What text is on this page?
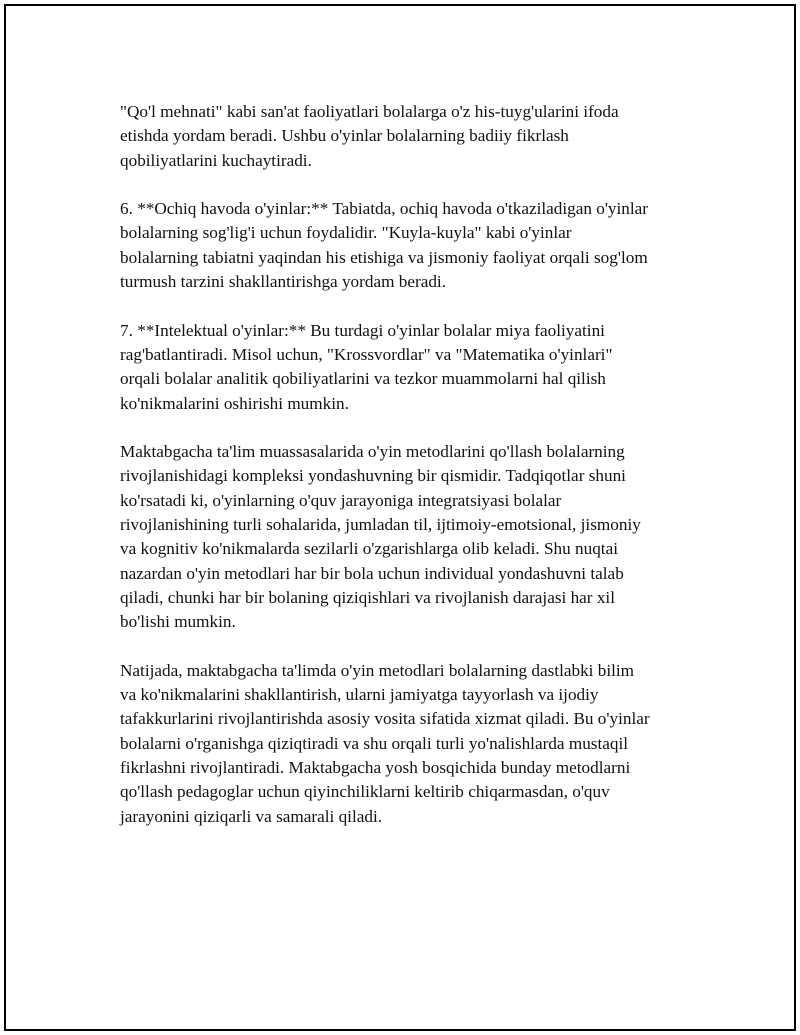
"Qo'l mehnati" kabi san'at faoliyatlari bolalarga o'z his-tuyg'ularini ifoda
etishda yordam beradi. Ushbu o'yinlar bolalarning badiiy fikrlash
qobiliyatlarini kuchaytiradi.

6. **Ochiq havoda o'yinlar:** Tabiatda, ochiq havoda o'tkaziladigan o'yinlar
bolalarning sog'lig'i uchun foydalidir. "Kuyla-kuyla" kabi o'yinlar
bolalarning tabiatni yaqindan his etishiga va jismoniy faoliyat orqali sog'lom
turmush tarzini shakllantirishga yordam beradi.

7. **Intelektual o'yinlar:** Bu turdagi o'yinlar bolalar miya faoliyatini
rag'batlantiradi. Misol uchun, "Krossvordlar" va "Matematika o'yinlari"
orqali bolalar analitik qobiliyatlarini va tezkor muammolarni hal qilish
ko'nikmalarini oshirishi mumkin.

Maktabgacha ta'lim muassasalarida o'yin metodlarini qo'llash bolalarning
rivojlanishidagi kompleksi yondashuvning bir qismidir. Tadqiqotlar shuni
ko'rsatadi ki, o'yinlarning o'quv jarayoniga integratsiyasi bolalar
rivojlanishining turli sohalarida, jumladan til, ijtimoiy-emotsional, jismoniy
va kognitiv ko'nikmalarda sezilarli o'zgarishlarga olib keladi. Shu nuqtai
nazardan o'yin metodlari har bir bola uchun individual yondashuvni talab
qiladi, chunki har bir bolaning qiziqishlari va rivojlanish darajasi har xil
bo'lishi mumkin.

Natijada, maktabgacha ta'limda o'yin metodlari bolalarning dastlabki bilim
va ko'nikmalarini shakllantirish, ularni jamiyatga tayyorlash va ijodiy
tafakkurlarini rivojlantirishda asosiy vosita sifatida xizmat qiladi. Bu o'yinlar
bolalarni o'rganishga qiziqtiradi va shu orqali turli yo'nalishlarda mustaqil
fikrlashni rivojlantiradi. Maktabgacha yosh bosqichida bunday metodlarni
qo'llash pedagoglar uchun qiyinchiliklarni keltirib chiqarmasdan, o'quv
jarayonini qiziqarli va samarali qiladi.
